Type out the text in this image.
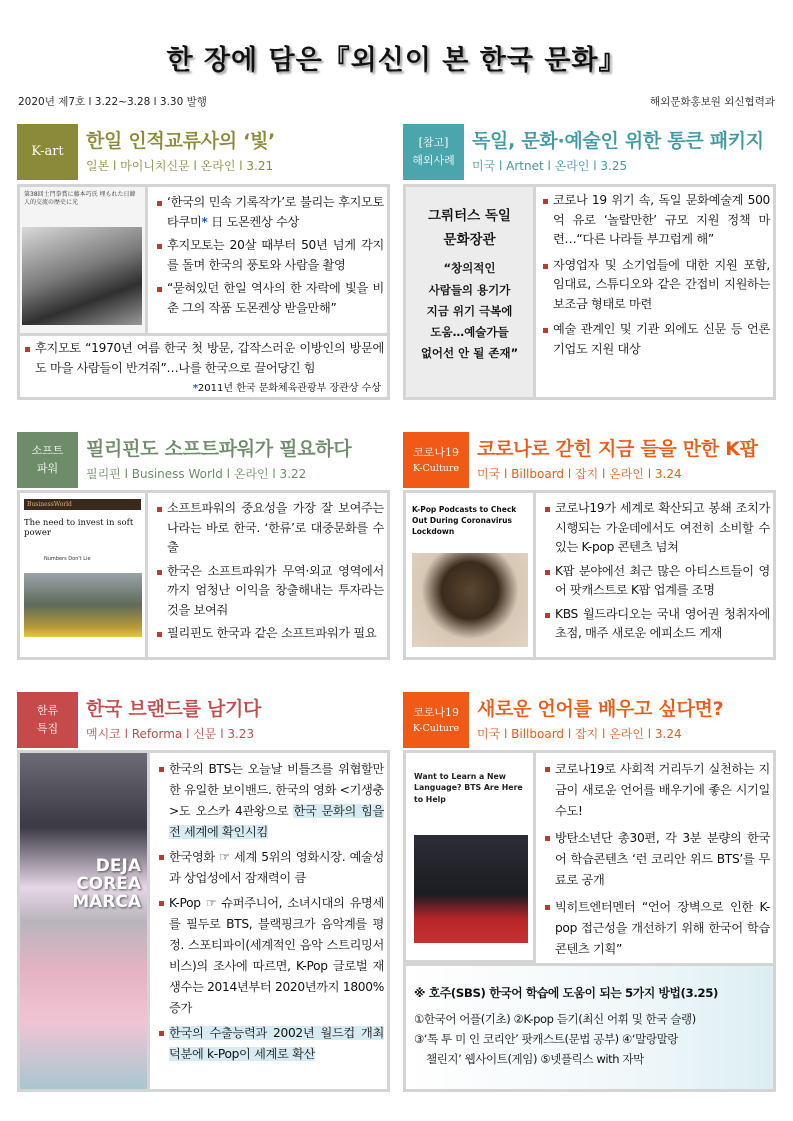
한 장에 담은『외신이 본 한국 문화』
2020년 제7호 l 3.22~3.28 l 3.30 발행	해외문화홍보원 외신협력과
K-art 한일 인적교류사의 ‘빛’
일본 l 마이니치신문 l 온라인 l 3.21
第38回土門拳賞に藤本巧氏 埋もれた日韓人的交流の歴史に光	‘한국의 민속 기록작가’로 불리는 후지모토 타쿠미* 日 도몬켄상 수상
후지모토는 20살 때부터 50년 넘게 각지를 돌며 한국의 풍토와 사람을 촬영
“묻혀있던 한일 역사의 한 자락에 빛을 비춘 그의 작품 도몬켄상 받을만해”
후지모토 “1970년 여름 한국 첫 방문, 갑작스러운 이방인의 방문에도 마을 사람들이 반겨줘”…나를 한국으로 끌어당긴 힘
*2011년 한국 문화체육관광부 장관상 수상
[참고]
해외사례
독일, 문화·예술인 위한 통큰 패키지
미국 l Artnet l 온라인 l 3.25
그뤼터스 독일
문화장관
“창의적인
사람들의 용기가
지금 위기 극복에
도움…예술가들
없어선 안 될 존재”
코로나 19 위기 속, 독일 문화예술계 500억 유로 ‘놀랄만한’ 규모 지원 정책 마련…“다른 나라들 부끄럽게 해”
자영업자 및 소기업들에 대한 지원 포함, 임대료, 스튜디오와 같은 간접비 지원하는 보조금 형태로 마련
예술 관계인 및 기관 외에도 신문 등 언론기업도 지원 대상
소프트
파워
필리핀도 소프트파워가 필요하다
필리핀 l Business World l 온라인 l 3.22
BusinessWorld
The need to invest in soft power
Numbers Don't Lie
소프트파워의 중요성을 가장 잘 보여주는 나라는 바로 한국. ‘한류’로 대중문화를 수출
한국은 소프트파워가 무역·외교 영역에서까지 엄청난 이익을 창출해내는 투자라는 것을 보여줘
필리핀도 한국과 같은 소프트파워가 필요
코로나19
K-Culture
코로나로 갇힌 지금 들을 만한 K팝
미국 l Billboard l 잡지 l 온라인 l 3.24
K-Pop Podcasts to Check Out During Coronavirus Lockdown
코로나19가 세계로 확산되고 봉쇄 조치가 시행되는 가운데에서도 여전히 소비할 수 있는 K-pop 콘텐츠 넘쳐
K팝 분야에선 최근 많은 아티스트들이 영어 팟캐스트로 K팝 업계를 조명
KBS 월드라디오는 국내 영어권 청취자에 초점, 매주 새로운 에피소드 게재
한류
특집
한국 브랜드를 남기다
멕시코 l Reforma l 신문 l 3.23
DEJA
COREA
MARCA
한국의 BTS는 오늘날 비틀즈를 위협할만한 유일한 보이밴드. 한국의 영화 <기생충>도 오스카 4관왕으로 한국 문화의 힘을 전 세계에 확인시킴
한국영화 ☞ 세계 5위의 영화시장. 예술성과 상업성에서 잠재력이 큼
K-Pop ☞ 슈퍼주니어, 소녀시대의 유명세를 필두로 BTS, 블랙핑크가 음악계를 평정. 스포티파이(세계적인 음악 스트리밍서비스)의 조사에 따르면, K-Pop 글로벌 재생수는 2014년부터 2020년까지 1800% 증가
한국의 수출능력과 2002년 월드컵 개최덕분에 k-Pop이 세계로 확산
코로나19
K-Culture
새로운 언어를 배우고 싶다면?
미국 l Billboard l 잡지 l 온라인 l 3.24
Want to Learn a New Language? BTS Are Here to Help
코로나19로 사회적 거리두기 실천하는 지금이 새로운 언어를 배우기에 좋은 시기일 수도!
방탄소년단 총30편, 각 3분 분량의 한국어 학습콘텐츠 ‘런 코리안 위드 BTS’를 무료로 공개
빅히트엔터멘터 “언어 장벽으로 인한 K-pop 접근성을 개선하기 위해 한국어 학습 콘텐츠 기획”
※ 호주(SBS) 한국어 학습에 도움이 되는 5가지 방법(3.25)
①한국어 어플(기초) ②K-pop 듣기(최신 어휘 및 한국 슬랭)
③‘톡 투 미 인 코리안’ 팟캐스트(문법 공부) ④‘말랑말랑
챌린지’ 웹사이트(게임) ⑤넷플릭스 with 자막
